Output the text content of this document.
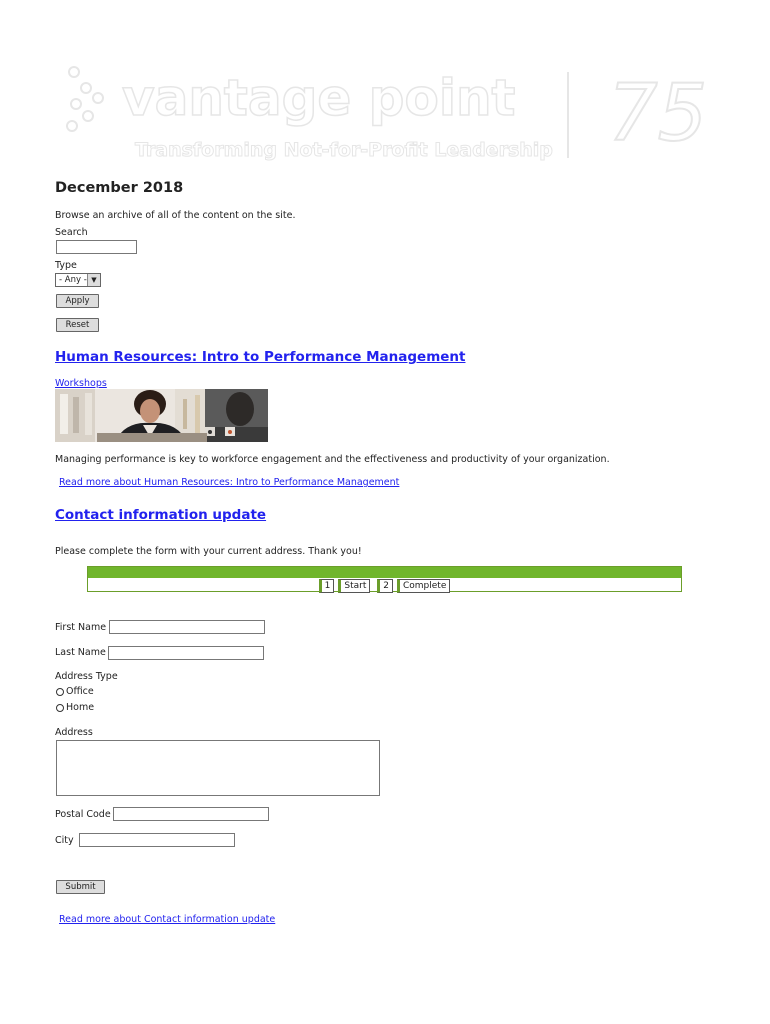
vantage point
Transforming Not-for-Profit Leadership 75
December 2018
Browse an archive of all of the content on the site.
Search
Type
- Any - ▼
Apply
Reset
Human Resources: Intro to Performance Management
Workshops
Managing performance is key to workforce engagement and the effectiveness and productivity of your organization.
Read more about Human Resources: Intro to Performance Management
Contact information update
Please complete the form with your current address. Thank you!
1 Start 2 Complete
First Name
Last Name
Address Type
Office
Home
Address
Postal Code
City
Submit
Read more about Contact information update
